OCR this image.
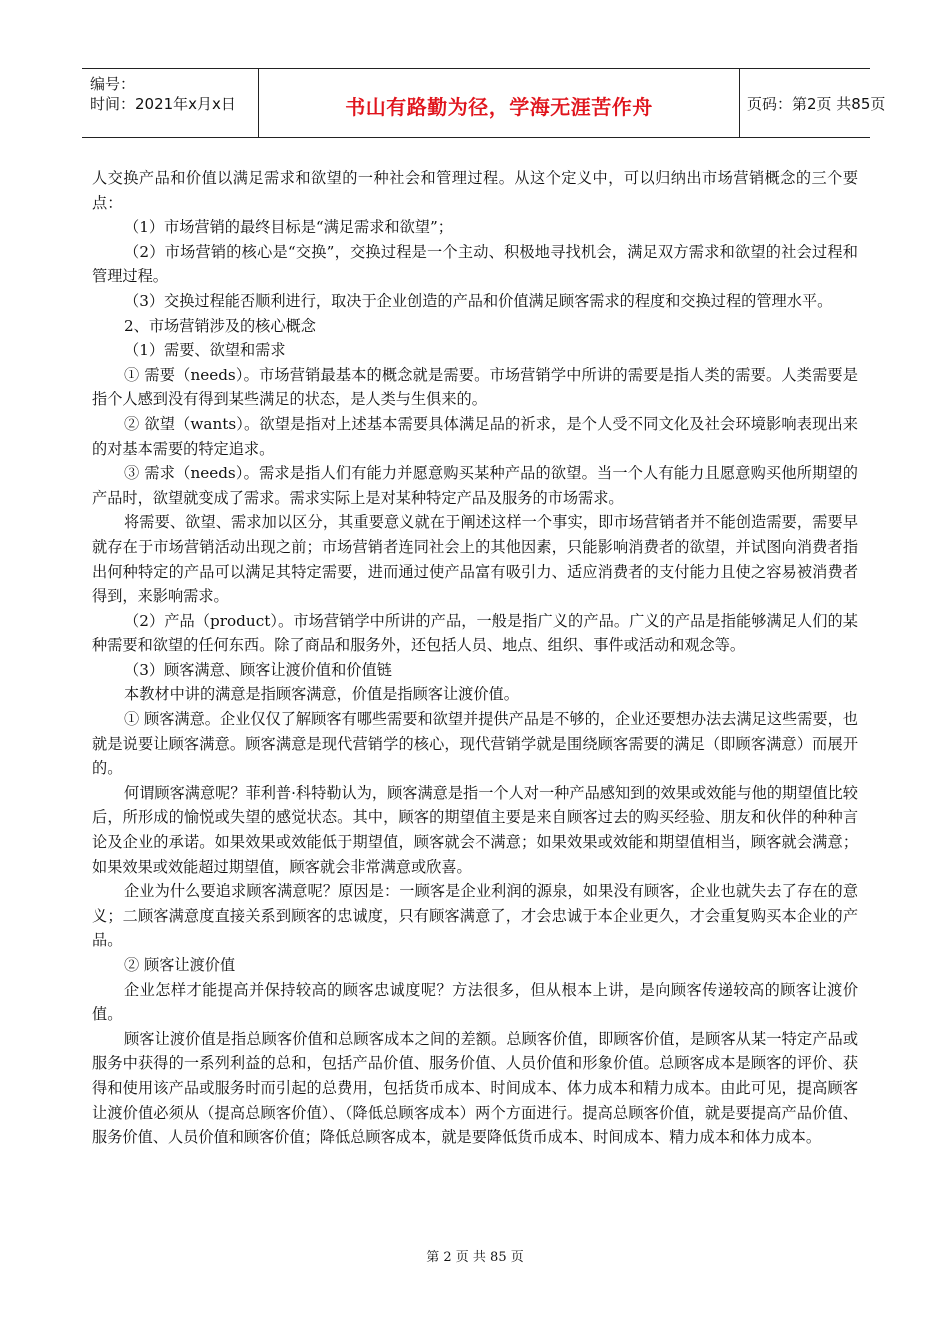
编号：
时间：2021年x月x日	书山有路勤为径，学海无涯苦作舟	页码：第2页 共85页

人交换产品和价值以满足需求和欲望的一种社会和管理过程。从这个定义中，可以归纳出市场营销概念的三个要点：

（1）市场营销的最终目标是“满足需求和欲望”；

（2）市场营销的核心是“交换”，交换过程是一个主动、积极地寻找机会，满足双方需求和欲望的社会过程和管理过程。

（3）交换过程能否顺利进行，取决于企业创造的产品和价值满足顾客需求的程度和交换过程的管理水平。

2、市场营销涉及的核心概念

（1）需要、欲望和需求

① 需要（needs）。市场营销最基本的概念就是需要。市场营销学中所讲的需要是指人类的需要。人类需要是指个人感到没有得到某些满足的状态，是人类与生俱来的。

② 欲望（wants）。欲望是指对上述基本需要具体满足品的祈求，是个人受不同文化及社会环境影响表现出来的对基本需要的特定追求。

③ 需求（needs）。需求是指人们有能力并愿意购买某种产品的欲望。当一个人有能力且愿意购买他所期望的产品时，欲望就变成了需求。需求实际上是对某种特定产品及服务的市场需求。

将需要、欲望、需求加以区分，其重要意义就在于阐述这样一个事实，即市场营销者并不能创造需要，需要早就存在于市场营销活动出现之前；市场营销者连同社会上的其他因素，只能影响消费者的欲望，并试图向消费者指出何种特定的产品可以满足其特定需要，进而通过使产品富有吸引力、适应消费者的支付能力且使之容易被消费者得到，来影响需求。

（2）产品（product）。市场营销学中所讲的产品，一般是指广义的产品。广义的产品是指能够满足人们的某种需要和欲望的任何东西。除了商品和服务外，还包括人员、地点、组织、事件或活动和观念等。

（3）顾客满意、顾客让渡价值和价值链

本教材中讲的满意是指顾客满意，价值是指顾客让渡价值。

① 顾客满意。企业仅仅了解顾客有哪些需要和欲望并提供产品是不够的，企业还要想办法去满足这些需要，也就是说要让顾客满意。顾客满意是现代营销学的核心，现代营销学就是围绕顾客需要的满足（即顾客满意）而展开的。

何谓顾客满意呢？菲利普·科特勒认为，顾客满意是指一个人对一种产品感知到的效果或效能与他的期望值比较后，所形成的愉悦或失望的感觉状态。其中，顾客的期望值主要是来自顾客过去的购买经验、朋友和伙伴的种种言论及企业的承诺。如果效果或效能低于期望值，顾客就会不满意；如果效果或效能和期望值相当，顾客就会满意；如果效果或效能超过期望值，顾客就会非常满意或欣喜。

企业为什么要追求顾客满意呢？原因是：一顾客是企业利润的源泉，如果没有顾客，企业也就失去了存在的意义；二顾客满意度直接关系到顾客的忠诚度，只有顾客满意了，才会忠诚于本企业更久，才会重复购买本企业的产品。

② 顾客让渡价值

企业怎样才能提高并保持较高的顾客忠诚度呢？方法很多，但从根本上讲，是向顾客传递较高的顾客让渡价值。

顾客让渡价值是指总顾客价值和总顾客成本之间的差额。总顾客价值，即顾客价值，是顾客从某一特定产品或服务中获得的一系列利益的总和，包括产品价值、服务价值、人员价值和形象价值。总顾客成本是顾客的评价、获得和使用该产品或服务时而引起的总费用，包括货币成本、时间成本、体力成本和精力成本。由此可见，提高顾客让渡价值必须从（提高总顾客价值）、（降低总顾客成本）两个方面进行。提高总顾客价值，就是要提高产品价值、服务价值、人员价值和顾客价值；降低总顾客成本，就是要降低货币成本、时间成本、精力成本和体力成本。

第 2 页 共 85 页
